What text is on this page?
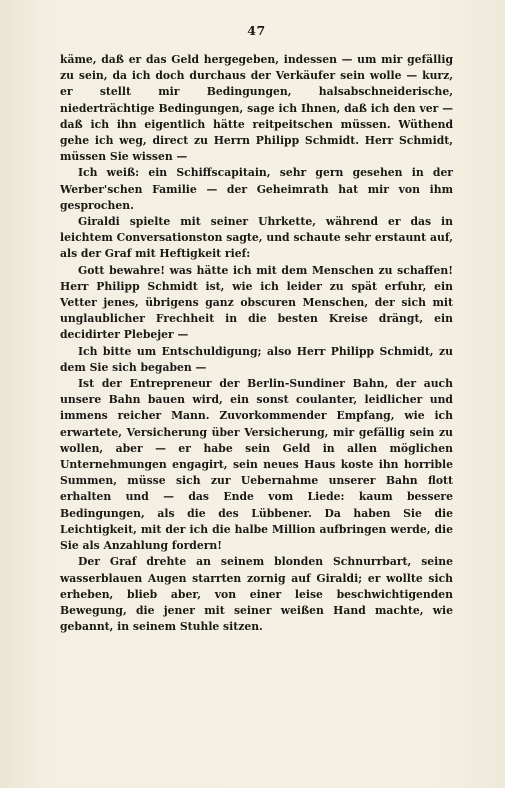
47

käme, daß er das Geld hergegeben, indessen — um mir gefällig zu sein, da ich doch durchaus der Verkäufer sein wolle — kurz, er stellt mir Bedingungen, halsabschneiderische, niederträchtige Bedingungen, sage ich Ihnen, daß ich den ver — daß ich ihn eigentlich hätte reitpeitschen müssen. Wüthend gehe ich weg, direct zu Herrn Philipp Schmidt. Herr Schmidt, müssen Sie wissen —

Ich weiß: ein Schiffscapitain, sehr gern gesehen in der Werber'schen Familie — der Geheimrath hat mir von ihm gesprochen.

Giraldi spielte mit seiner Uhrkette, während er das in leichtem Conversationston sagte, und schaute sehr erstaunt auf, als der Graf mit Heftigkeit rief:

Gott bewahre! was hätte ich mit dem Menschen zu schaffen! Herr Philipp Schmidt ist, wie ich leider zu spät erfuhr, ein Vetter jenes, übrigens ganz obscuren Menschen, der sich mit unglaublicher Frechheit in die besten Kreise drängt, ein decidirter Plebejer —

Ich bitte um Entschuldigung; also Herr Philipp Schmidt, zu dem Sie sich begaben —

Ist der Entrepreneur der Berlin-Sundiner Bahn, der auch unsere Bahn bauen wird, ein sonst coulanter, leidlicher und immens reicher Mann. Zuvorkommender Empfang, wie ich erwartete, Versicherung über Versicherung, mir gefällig sein zu wollen, aber — er habe sein Geld in allen möglichen Unternehmungen engagirt, sein neues Haus koste ihn horrible Summen, müsse sich zur Uebernahme unserer Bahn flott erhalten und — das Ende vom Liede: kaum bessere Bedingungen, als die des Lübbener. Da haben Sie die Leichtigkeit, mit der ich die halbe Million aufbringen werde, die Sie als Anzahlung fordern!

Der Graf drehte an seinem blonden Schnurrbart, seine wasserblauen Augen starrten zornig auf Giraldi; er wollte sich erheben, blieb aber, von einer leise beschwichtigenden Bewegung, die jener mit seiner weißen Hand machte, wie gebannt, in seinem Stuhle sitzen.
